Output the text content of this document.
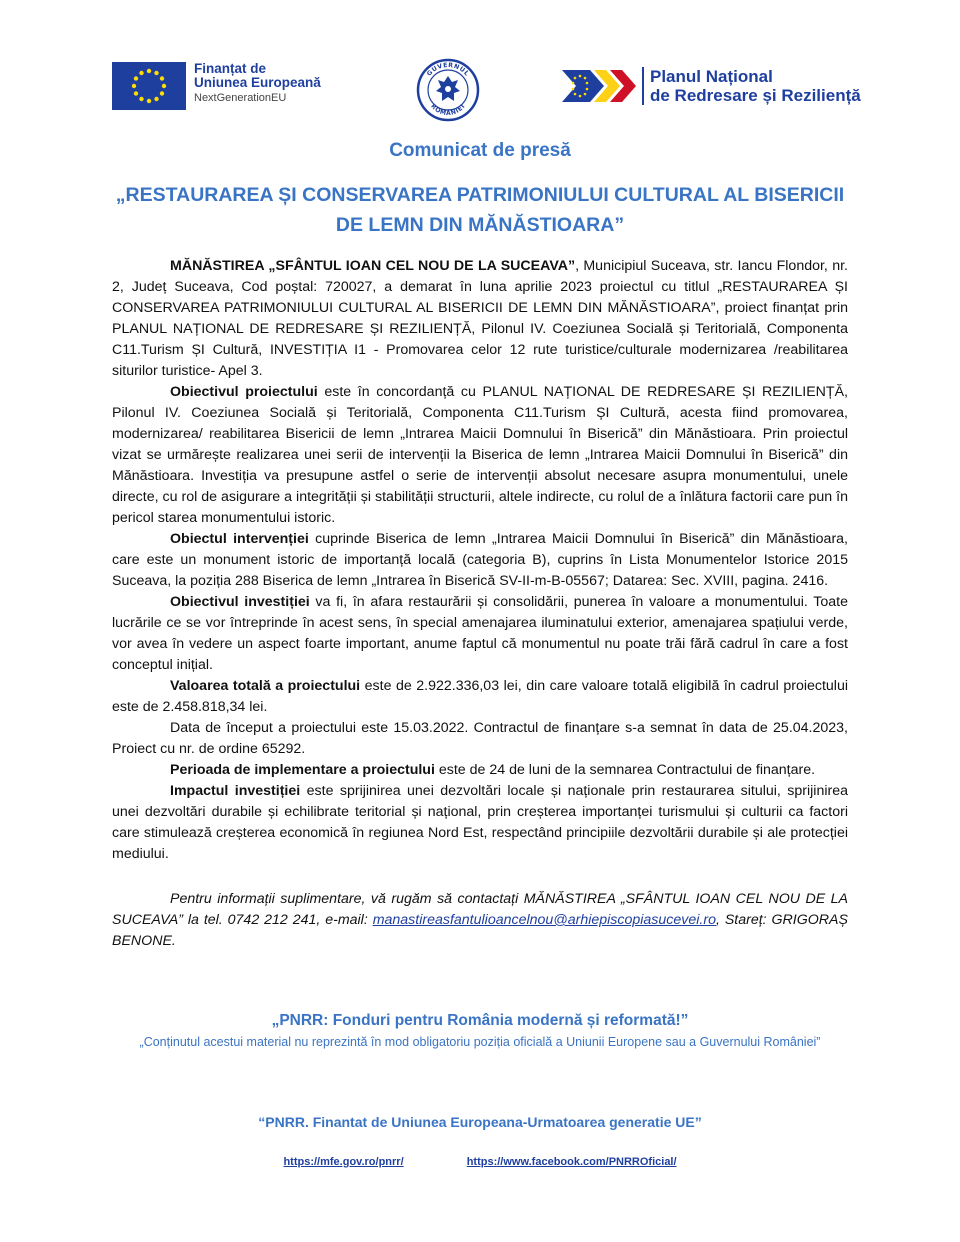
Finanțat de
Uniunea Europeană
NextGenerationEU
GUVERNUL
ROMÂNIEI
Planul Național
de Redresare și Reziliență
Comunicat de presă
„RESTAURAREA ȘI CONSERVAREA PATRIMONIULUI CULTURAL AL BISERICII DE LEMN DIN MĂNĂSTIOARA”

MĂNĂSTIREA „SFÂNTUL IOAN CEL NOU DE LA SUCEAVA”, Municipiul Suceava, str. Iancu Flondor, nr. 2, Județ Suceava, Cod poștal: 720027, a demarat în luna aprilie 2023 proiectul cu titlul „RESTAURAREA ȘI CONSERVAREA PATRIMONIULUI CULTURAL AL BISERICII DE LEMN DIN MĂNĂSTIOARA”, proiect finanțat prin PLANUL NAȚIONAL DE REDRESARE ȘI REZILIENȚĂ, Pilonul IV. Coeziunea Socială și Teritorială, Componenta C11.Turism ȘI Cultură, INVESTIȚIA I1 - Promovarea celor 12 rute turistice/culturale modernizarea /reabilitarea siturilor turistice- Apel 3.

Obiectivul proiectului este în concordanță cu PLANUL NAȚIONAL DE REDRESARE ȘI REZILIENȚĂ, Pilonul IV. Coeziunea Socială și Teritorială, Componenta C11.Turism ȘI Cultură, acesta fiind promovarea, modernizarea/ reabilitarea Bisericii de lemn „Intrarea Maicii Domnului în Biserică” din Mănăstioara. Prin proiectul vizat se urmărește realizarea unei serii de intervenții la Biserica de lemn „Intrarea Maicii Domnului în Biserică” din Mănăstioara. Investiția va presupune astfel o serie de intervenții absolut necesare asupra monumentului, unele directe, cu rol de asigurare a integrității și stabilității structurii, altele indirecte, cu rolul de a înlătura factorii care pun în pericol starea monumentului istoric.

Obiectul intervenției cuprinde Biserica de lemn „Intrarea Maicii Domnului în Biserică” din Mănăstioara, care este un monument istoric de importanță locală (categoria B), cuprins în Lista Monumentelor Istorice 2015 Suceava, la poziția 288 Biserica de lemn „Intrarea în Biserică SV-II-m-B-05567; Datarea: Sec. XVIII, pagina. 2416.

Obiectivul investiției va fi, în afara restaurării și consolidării, punerea în valoare a monumentului. Toate lucrările ce se vor întreprinde în acest sens, în special amenajarea iluminatului exterior, amenajarea spațiului verde, vor avea în vedere un aspect foarte important, anume faptul că monumentul nu poate trăi fără cadrul în care a fost conceptul inițial.

Valoarea totală a proiectului este de 2.922.336,03 lei, din care valoare totală eligibilă în cadrul proiectului este de 2.458.818,34 lei.

Data de început a proiectului este 15.03.2022. Contractul de finanțare s-a semnat în data de 25.04.2023, Proiect cu nr. de ordine 65292.

Perioada de implementare a proiectului este de 24 de luni de la semnarea Contractului de finanțare.

Impactul investiției este sprijinirea unei dezvoltări locale și naționale prin restaurarea sitului, sprijinirea unei dezvoltări durabile și echilibrate teritorial și național, prin creșterea importanței turismului și culturii ca factori care stimulează creșterea economică în regiunea Nord Est, respectând principiile dezvoltării durabile și ale protecției mediului.

Pentru informații suplimentare, vă rugăm să contactați MĂNĂSTIREA „SFÂNTUL IOAN CEL NOU DE LA SUCEAVA” la tel. 0742 212 241, e-mail: manastireasfantulioancelnou@arhiepiscopiasucevei.ro, Stareț: GRIGORAȘ BENONE.

„PNRR: Fonduri pentru România modernă și reformată!”
„Conținutul acestui material nu reprezintă în mod obligatoriu poziția oficială a Uniunii Europene sau a Guvernului României”
“PNRR. Finantat de Uniunea Europeana-Urmatoarea generatie UE”
https://mfe.gov.ro/pnrr/	https://www.facebook.com/PNRROficial/
